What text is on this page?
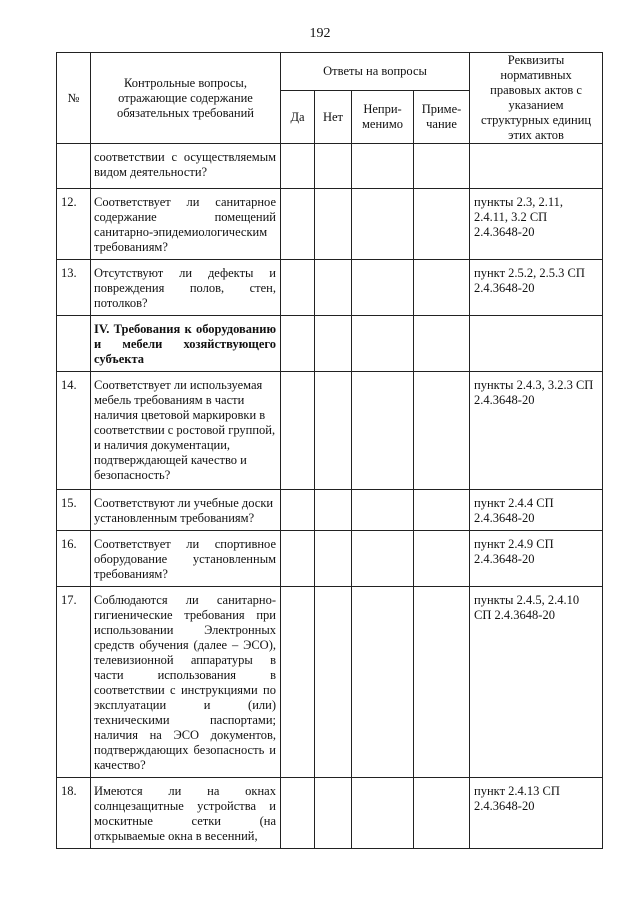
192
№	Контрольные вопросы, отражающие содержание обязательных требований	Ответы на вопросы				Реквизиты нормативных правовых актов с указанием структурных единиц этих актов
		Да	Нет	Непри-менимо	Приме-чание	
	соответствии с осуществляемым видом деятельности?					
12.	Соответствует ли санитарное содержание помещений санитарно-эпидемиологическим требованиям?					пункты 2.3, 2.11, 2.4.11, 3.2 СП 2.4.3648-20
13.	Отсутствуют ли дефекты и повреждения полов, стен, потолков?					пункт 2.5.2, 2.5.3 СП 2.4.3648-20
	IV. Требования к оборудованию и мебели хозяйствующего субъекта					
14.	Соответствует ли используемая мебель требованиям в части наличия цветовой маркировки в соответствии с ростовой группой, и наличия документации, подтверждающей качество и безопасность?					пункты 2.4.3, 3.2.3 СП 2.4.3648-20
15.	Соответствуют ли учебные доски установленным требованиям?					пункт 2.4.4 СП 2.4.3648-20
16.	Соответствует ли спортивное оборудование установленным требованиям?					пункт 2.4.9 СП 2.4.3648-20
17.	Соблюдаются ли санитарно-гигиенические требования при использовании Электронных средств обучения (далее – ЭСО), телевизионной аппаратуры в части использования в соответствии с инструкциями по эксплуатации и (или) техническими паспортами; наличия на ЭСО документов, подтверждающих безопасность и качество?					пункты 2.4.5, 2.4.10 СП 2.4.3648-20
18.	Имеются ли на окнах солнцезащитные устройства и москитные сетки (на открываемые окна в весенний,					пункт 2.4.13 СП 2.4.3648-20
